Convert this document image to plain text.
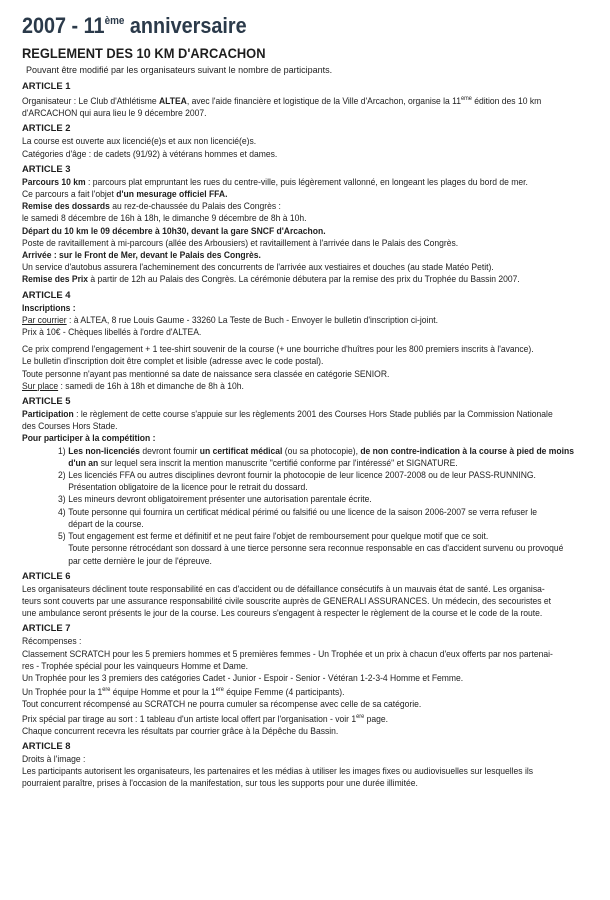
2007 - 11ème anniversaire
REGLEMENT DES 10 KM D'ARCACHON
Pouvant être modifié par les organisateurs suivant le nombre de participants.
ARTICLE 1
Organisateur : Le Club d'Athlétisme ALTEA, avec l'aide financière et logistique de la Ville d'Arcachon, organise la 11ème édition des 10 km
d'ARCACHON qui aura lieu le 9 décembre 2007.
ARTICLE 2
La course est ouverte aux licencié(e)s et aux non licencié(e)s.
Catégories d'âge : de cadets (91/92) à vétérans hommes et dames.
ARTICLE 3
Parcours 10 km : parcours plat empruntant les rues du centre-ville, puis légèrement vallonné, en longeant les plages du bord de mer.
Ce parcours a fait l'objet d'un mesurage officiel FFA.
Remise des dossards au rez-de-chaussée du Palais des Congrès :
le samedi 8 décembre de 16h à 18h, le dimanche 9 décembre de 8h à 10h.
Départ du 10 km le 09 décembre à 10h30, devant la gare SNCF d'Arcachon.
Poste de ravitaillement à mi-parcours (allée des Arbousiers) et ravitaillement à l'arrivée dans le Palais des Congrès.
Arrivée : sur le Front de Mer, devant le Palais des Congrès.
Un service d'autobus assurera l'acheminement des concurrents de l'arrivée aux vestiaires et douches (au stade Matéo Petit).
Remise des Prix à partir de 12h au Palais des Congrès. La cérémonie débutera par la remise des prix du Trophée du Bassin 2007.
ARTICLE 4
Inscriptions :
Par courrier : à ALTEA, 8 rue Louis Gaume - 33260 La Teste de Buch - Envoyer le bulletin d'inscription ci-joint.
Prix à 10€ - Chèques libellés à l'ordre d'ALTEA.
Ce prix comprend l'engagement + 1 tee-shirt souvenir de la course (+ une bourriche d'huîtres pour les 800 premiers inscrits à l'avance).
Le bulletin d'inscription doit être complet et lisible (adresse avec le code postal).
Toute personne n'ayant pas mentionné sa date de naissance sera classée en catégorie SENIOR.
Sur place : samedi de 16h à 18h et dimanche de 8h à 10h.
ARTICLE 5
Participation : le règlement de cette course s'appuie sur les règlements 2001 des Courses Hors Stade publiés par la Commission Nationale
des Courses Hors Stade.
Pour participer à la compétition :
1) Les non-licenciés devront fournir un certificat médical (ou sa photocopie), de non contre-indication à la course à pied de moins
d'un an sur lequel sera inscrit la mention manuscrite "certifié conforme par l'intéressé" et SIGNATURE.
2) Les licenciés FFA ou autres disciplines devront fournir la photocopie de leur licence 2007-2008 ou de leur PASS-RUNNING.
Présentation obligatoire de la licence pour le retrait du dossard.
3) Les mineurs devront obligatoirement présenter une autorisation parentale écrite.
4) Toute personne qui fournira un certificat médical périmé ou falsifié ou une licence de la saison 2006-2007 se verra refuser le
départ de la course.
5) Tout engagement est ferme et définitif et ne peut faire l'objet de remboursement pour quelque motif que ce soit.
Toute personne rétrocédant son dossard à une tierce personne sera reconnue responsable en cas d'accident survenu ou provoqué
par cette dernière le jour de l'épreuve.
ARTICLE 6
Les organisateurs déclinent toute responsabilité en cas d'accident ou de défaillance consécutifs à un mauvais état de santé. Les organisa-
teurs sont couverts par une assurance responsabilité civile souscrite auprès de GENERALI ASSURANCES. Un médecin, des secouristes et
une ambulance seront présents le jour de la course. Les coureurs s'engagent à respecter le règlement de la course et le code de la route.
ARTICLE 7
Récompenses :
Classement SCRATCH pour les 5 premiers hommes et 5 premières femmes - Un Trophée et un prix à chacun d'eux offerts par nos partenai-
res - Trophée spécial pour les vainqueurs Homme et Dame.
Un Trophée pour les 3 premiers des catégories Cadet - Junior - Espoir - Senior - Vétéran 1-2-3-4 Homme et Femme.
Un Trophée pour la 1ère équipe Homme et pour la 1ère équipe Femme (4 participants).
Tout concurrent récompensé au SCRATCH ne pourra cumuler sa récompense avec celle de sa catégorie.
Prix spécial par tirage au sort : 1 tableau d'un artiste local offert par l'organisation - voir 1ère page.
Chaque concurrent recevra les résultats par courrier grâce à la Dépêche du Bassin.
ARTICLE 8
Droits à l'image :
Les participants autorisent les organisateurs, les partenaires et les médias à utiliser les images fixes ou audiovisuelles sur lesquelles ils
pourraient paraître, prises à l'occasion de la manifestation, sur tous les supports pour une durée illimitée.
